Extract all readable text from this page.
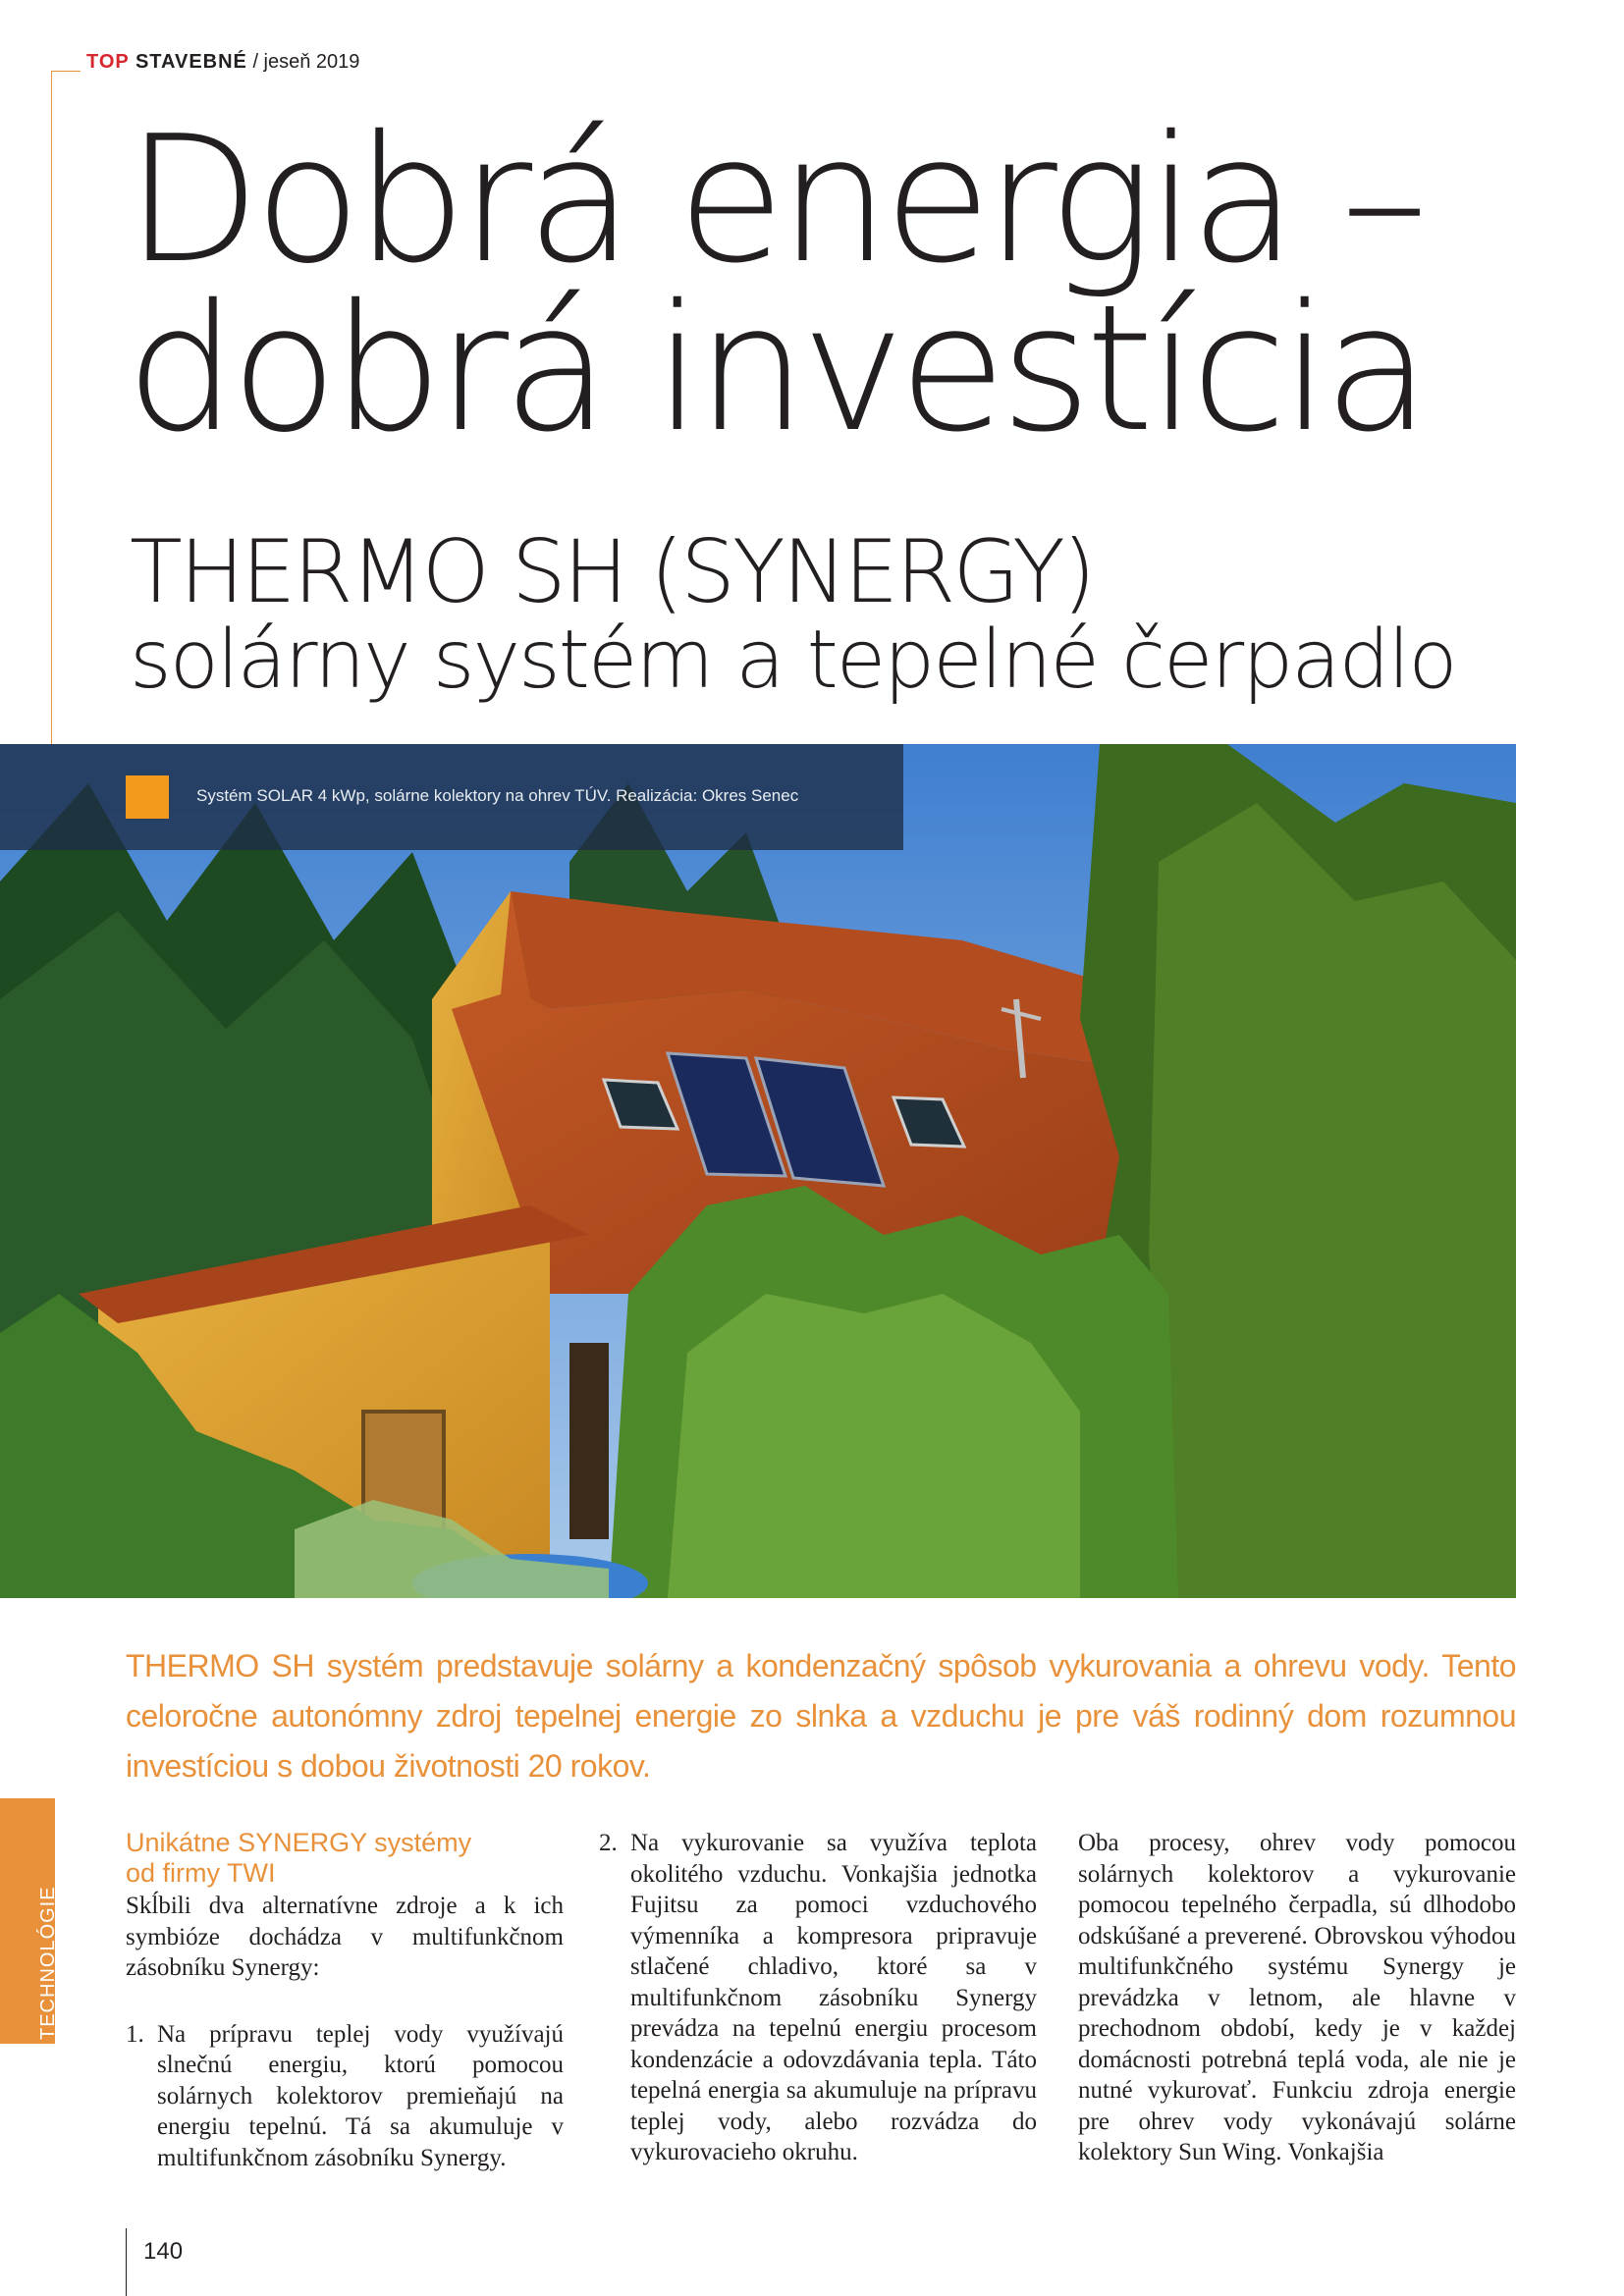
TOP STAVEBNÉ / jeseň 2019
Dobrá energia –
dobrá investícia
THERMO SH (SYNERGY)
solárny systém a tepelné čerpadlo
Systém SOLAR 4 kWp, solárne kolektory na ohrev TÚV. Realizácia: Okres Senec
THERMO SH systém predstavuje solárny a kondenzačný spôsob vykurovania a ohrevu vody. Tento celoročne autonómny zdroj tepelnej energie zo slnka a vzduchu je pre váš rodinný dom rozumnou investíciou s dobou životnosti 20 rokov.
Unikátne SYNERGY systémy
od firmy TWI

Skĺbili dva alternatívne zdroje a k ich symbióze dochádza v multifunkčnom zásobníku Synergy:

1. Na prípravu teplej vody využívajú slnečnú energiu, ktorú pomocou solárnych kolektorov premieňajú na energiu tepelnú. Tá sa akumuluje v multifunkčnom zásobníku Synergy.
2. Na vykurovanie sa využíva teplota okolitého vzduchu. Vonkajšia jednotka Fujitsu za pomoci vzduchového výmenníka a kompresora pripravuje stlačené chladivo, ktoré sa v multifunkčnom zásobníku Synergy prevádza na tepelnú energiu procesom kondenzácie a odovzdávania tepla. Táto tepelná energia sa akumuluje na prípravu teplej vody, alebo rozvádza do vykurovacieho okruhu.

Oba procesy, ohrev vody pomocou solárnych kolektorov a vykurovanie pomocou tepelného čerpadla, sú dlhodobo odskúšané a preverené. Obrovskou výhodou multifunkčného systému Synergy je prevádzka v letnom, ale hlavne v prechodnom období, kedy je v každej domácnosti potrebná teplá voda, ale nie je nutné vykurovať. Funkciu zdroja energie pre ohrev vody vykonávajú solárne kolektory Sun Wing. Vonkajšia

TECHNOLÓGIE
140
